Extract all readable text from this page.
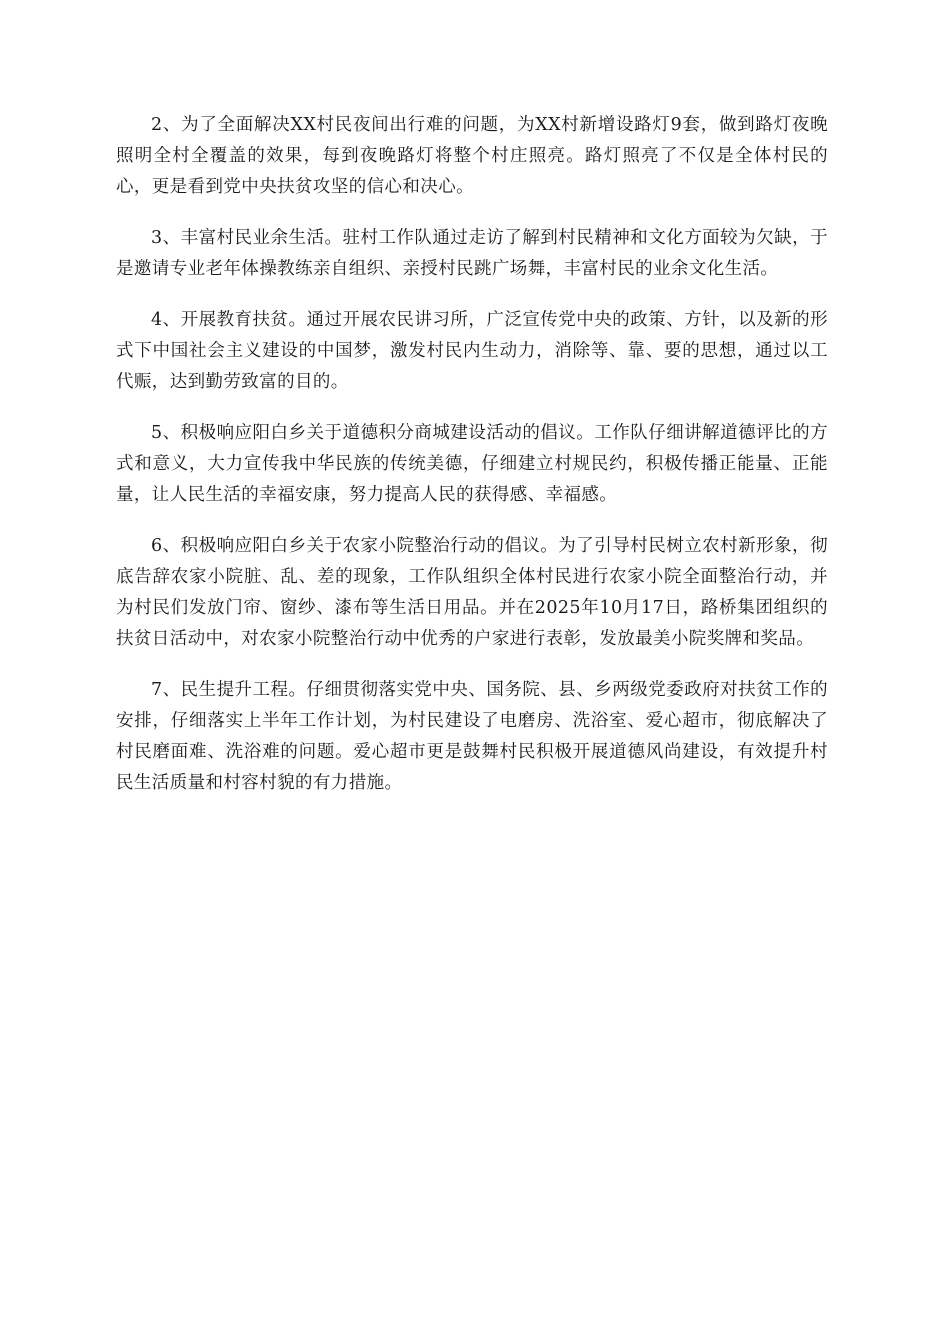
2、为了全面解决XX村民夜间出行难的问题，为XX村新增设路灯9套，做到路灯夜晚照明全村全覆盖的效果，每到夜晚路灯将整个村庄照亮。路灯照亮了不仅是全体村民的心，更是看到党中央扶贫攻坚的信心和决心。

3、丰富村民业余生活。驻村工作队通过走访了解到村民精神和文化方面较为欠缺，于是邀请专业老年体操教练亲自组织、亲授村民跳广场舞，丰富村民的业余文化生活。

4、开展教育扶贫。通过开展农民讲习所，广泛宣传党中央的政策、方针，以及新的形式下中国社会主义建设的中国梦，激发村民内生动力，消除等、靠、要的思想，通过以工代赈，达到勤劳致富的目的。

5、积极响应阳白乡关于道德积分商城建设活动的倡议。工作队仔细讲解道德评比的方式和意义，大力宣传我中华民族的传统美德，仔细建立村规民约，积极传播正能量、正能量，让人民生活的幸福安康，努力提高人民的获得感、幸福感。

6、积极响应阳白乡关于农家小院整治行动的倡议。为了引导村民树立农村新形象，彻底告辞农家小院脏、乱、差的现象，工作队组织全体村民进行农家小院全面整治行动，并为村民们发放门帘、窗纱、漆布等生活日用品。并在2025年10月17日，路桥集团组织的扶贫日活动中，对农家小院整治行动中优秀的户家进行表彰，发放最美小院奖牌和奖品。

7、民生提升工程。仔细贯彻落实党中央、国务院、县、乡两级党委政府对扶贫工作的安排，仔细落实上半年工作计划，为村民建设了电磨房、洗浴室、爱心超市，彻底解决了村民磨面难、洗浴难的问题。爱心超市更是鼓舞村民积极开展道德风尚建设，有效提升村民生活质量和村容村貌的有力措施。
